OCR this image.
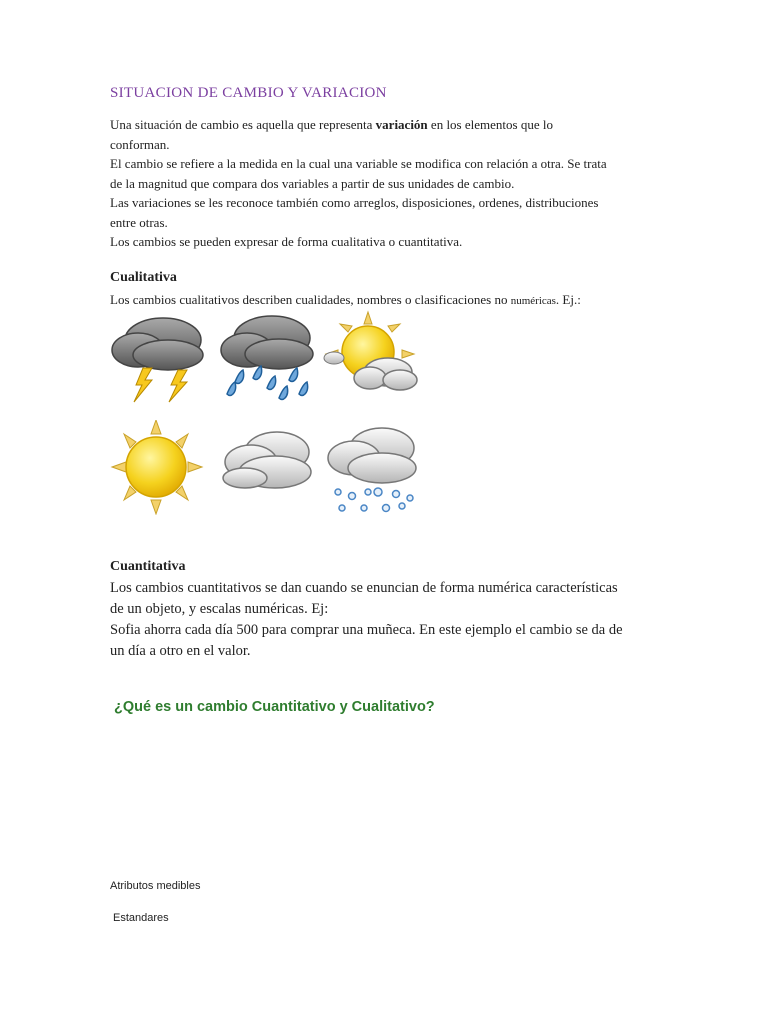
SITUACION DE CAMBIO Y VARIACION
Una situación de cambio es aquella que representa variación en los elementos que lo
conforman.
El cambio se refiere a la medida en la cual una variable se modifica con relación a otra. Se trata
de la magnitud que compara dos variables a partir de sus unidades de cambio.
Las variaciones se les reconoce también como arreglos, disposiciones, ordenes, distribuciones
entre otras.
Los cambios se pueden expresar de forma cualitativa o cuantitativa.
Cualitativa
Los cambios cualitativos describen cualidades, nombres o clasificaciones no numéricas. Ej.:
Cuantitativa
Los cambios cuantitativos se dan cuando se enuncian de forma numérica características
de un objeto, y escalas numéricas. Ej:
Sofia ahorra cada día 500 para comprar una muñeca. En este ejemplo el cambio se da de
un día a otro en el valor.
¿Qué es un cambio Cuantitativo y Cualitativo?
Atributos medibles
Estandares
